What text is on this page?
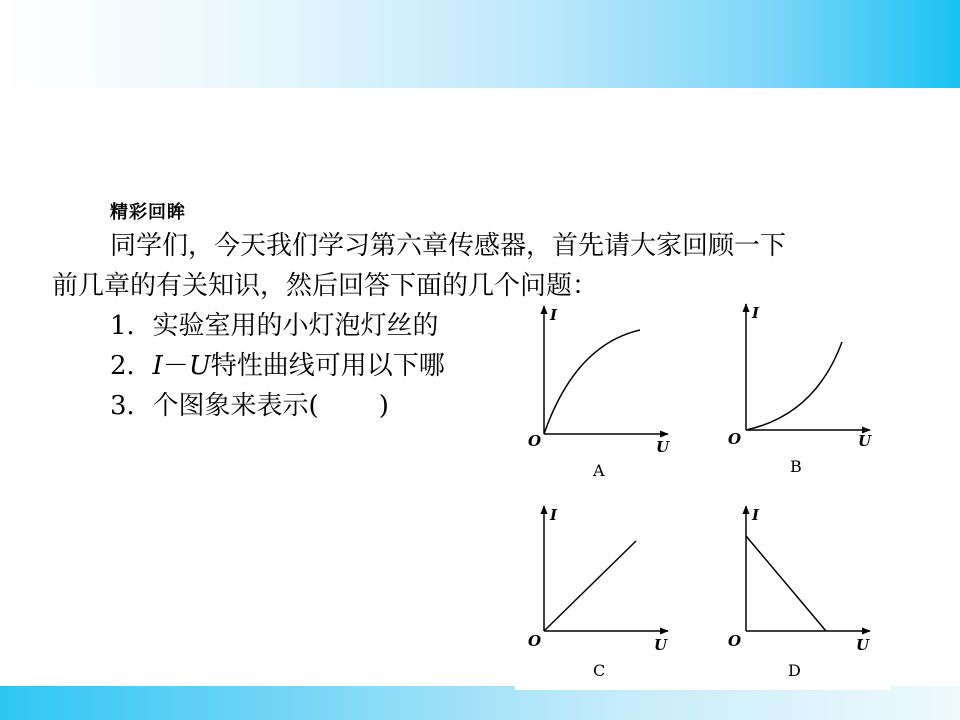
精彩回眸
同学们，今天我们学习第六章传感器，首先请大家回顾一下
前几章的有关知识，然后回答下面的几个问题：
1．实验室用的小灯泡灯丝的
2．I－U特性曲线可用以下哪
3．个图象来表示( )
I
U
O
A
I
U
O
B
I
U
O
C
I
U
O
D
